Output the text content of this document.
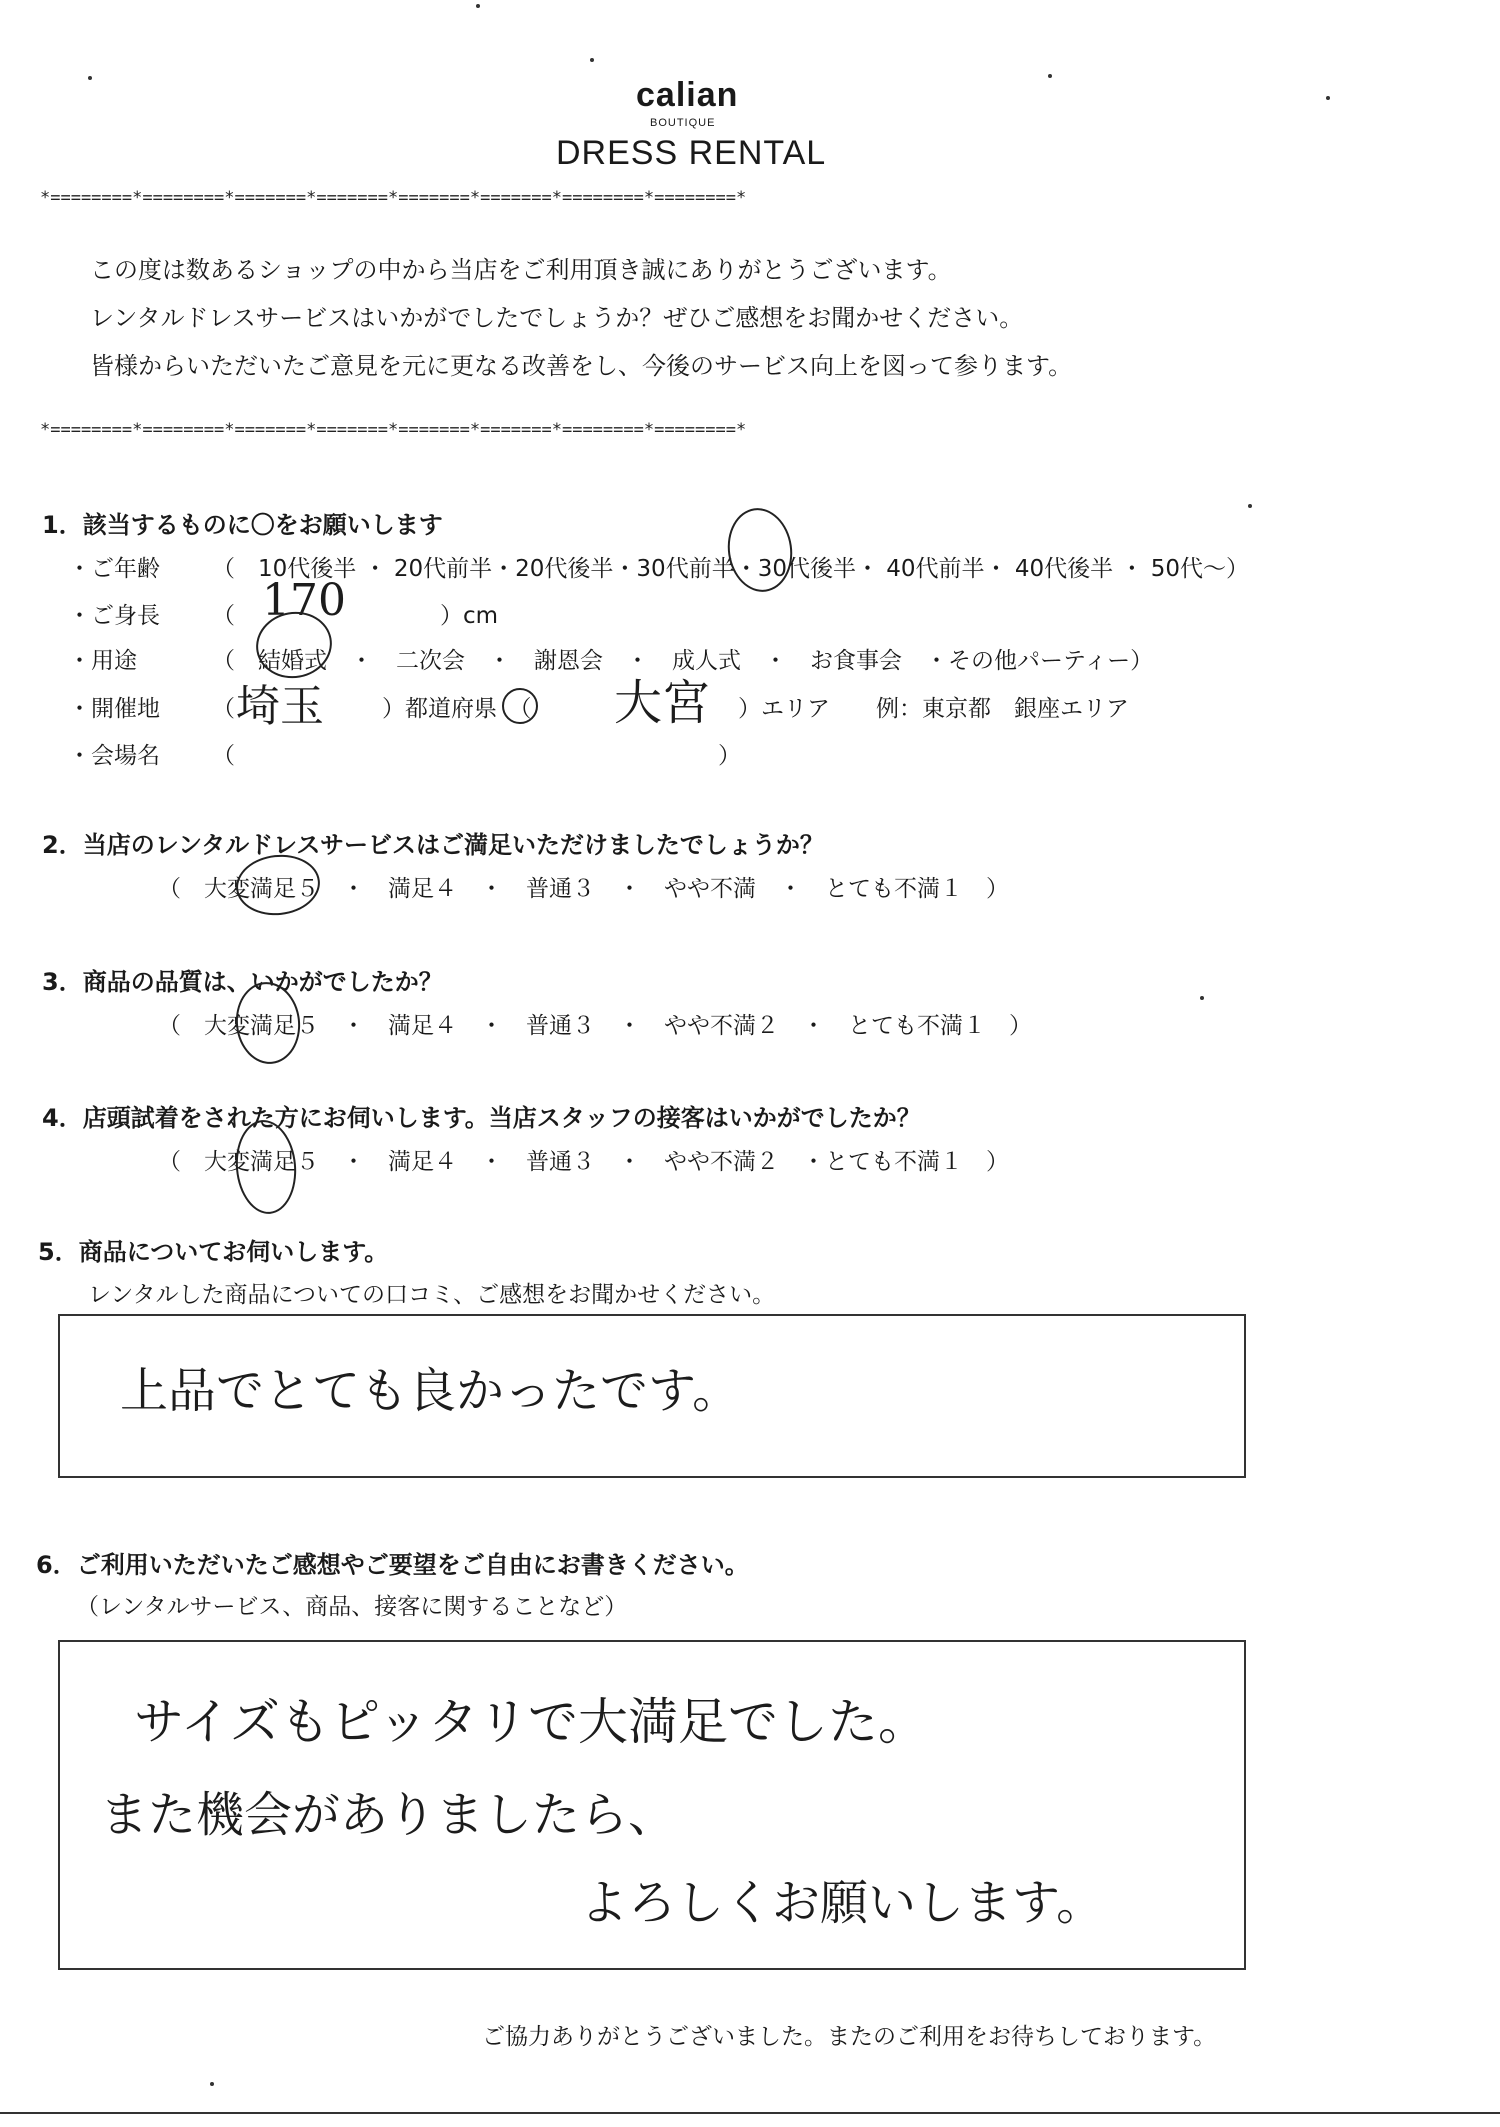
calian
BOUTIQUE
DRESS RENTAL
*========*========*=======*=======*=======*=======*========*========*
*========*========*=======*=======*=======*=======*========*========*
この度は数あるショップの中から当店をご利用頂き誠にありがとうございます。
レンタルドレスサービスはいかがでしたでしょうか？ぜひご感想をお聞かせください。
皆様からいただいたご意見を元に更なる改善をし、今後のサービス向上を図って参ります。
1．該当するものに〇をお願いします
・ご年齢 （　10代後半 ・ 20代前半・20代後半・30代前半・30代後半・ 40代前半・ 40代後半 ・ 50代～）
・ご身長 （ 170	）cm
・用途	（　結婚式　・　二次会　・　謝恩会　・　成人式　・　お食事会　・その他パーティー）
・開催地 （ 埼玉	）都道府県　（ 大宮 ）エリア　　例：東京都　銀座エリア
・会場名 （　　　　　　　　　　　　　　　　　　　　　）
2．当店のレンタルドレスサービスはご満足いただけましたでしょうか？
（　大変満足５　・　満足４　・　普通３　・　やや不満　・　とても不満１　）
3．商品の品質は、いかがでしたか？
（　大変満足５　・　満足４　・　普通３　・　やや不満２　・　とても不満１　）
4．店頭試着をされた方にお伺いします。当店スタッフの接客はいかがでしたか？
（　大変満足５　・　満足４　・　普通３　・　やや不満２　・とても不満１　）
5．商品についてお伺いします。
レンタルした商品についての口コミ、ご感想をお聞かせください。
上品でとても良かったです。
6．ご利用いただいたご感想やご要望をご自由にお書きください。
（レンタルサービス、商品、接客に関することなど）
サイズもピッタリで大満足でした。
また機会がありましたら、
よろしくお願いします。
ご協力ありがとうございました。またのご利用をお待ちしております。
